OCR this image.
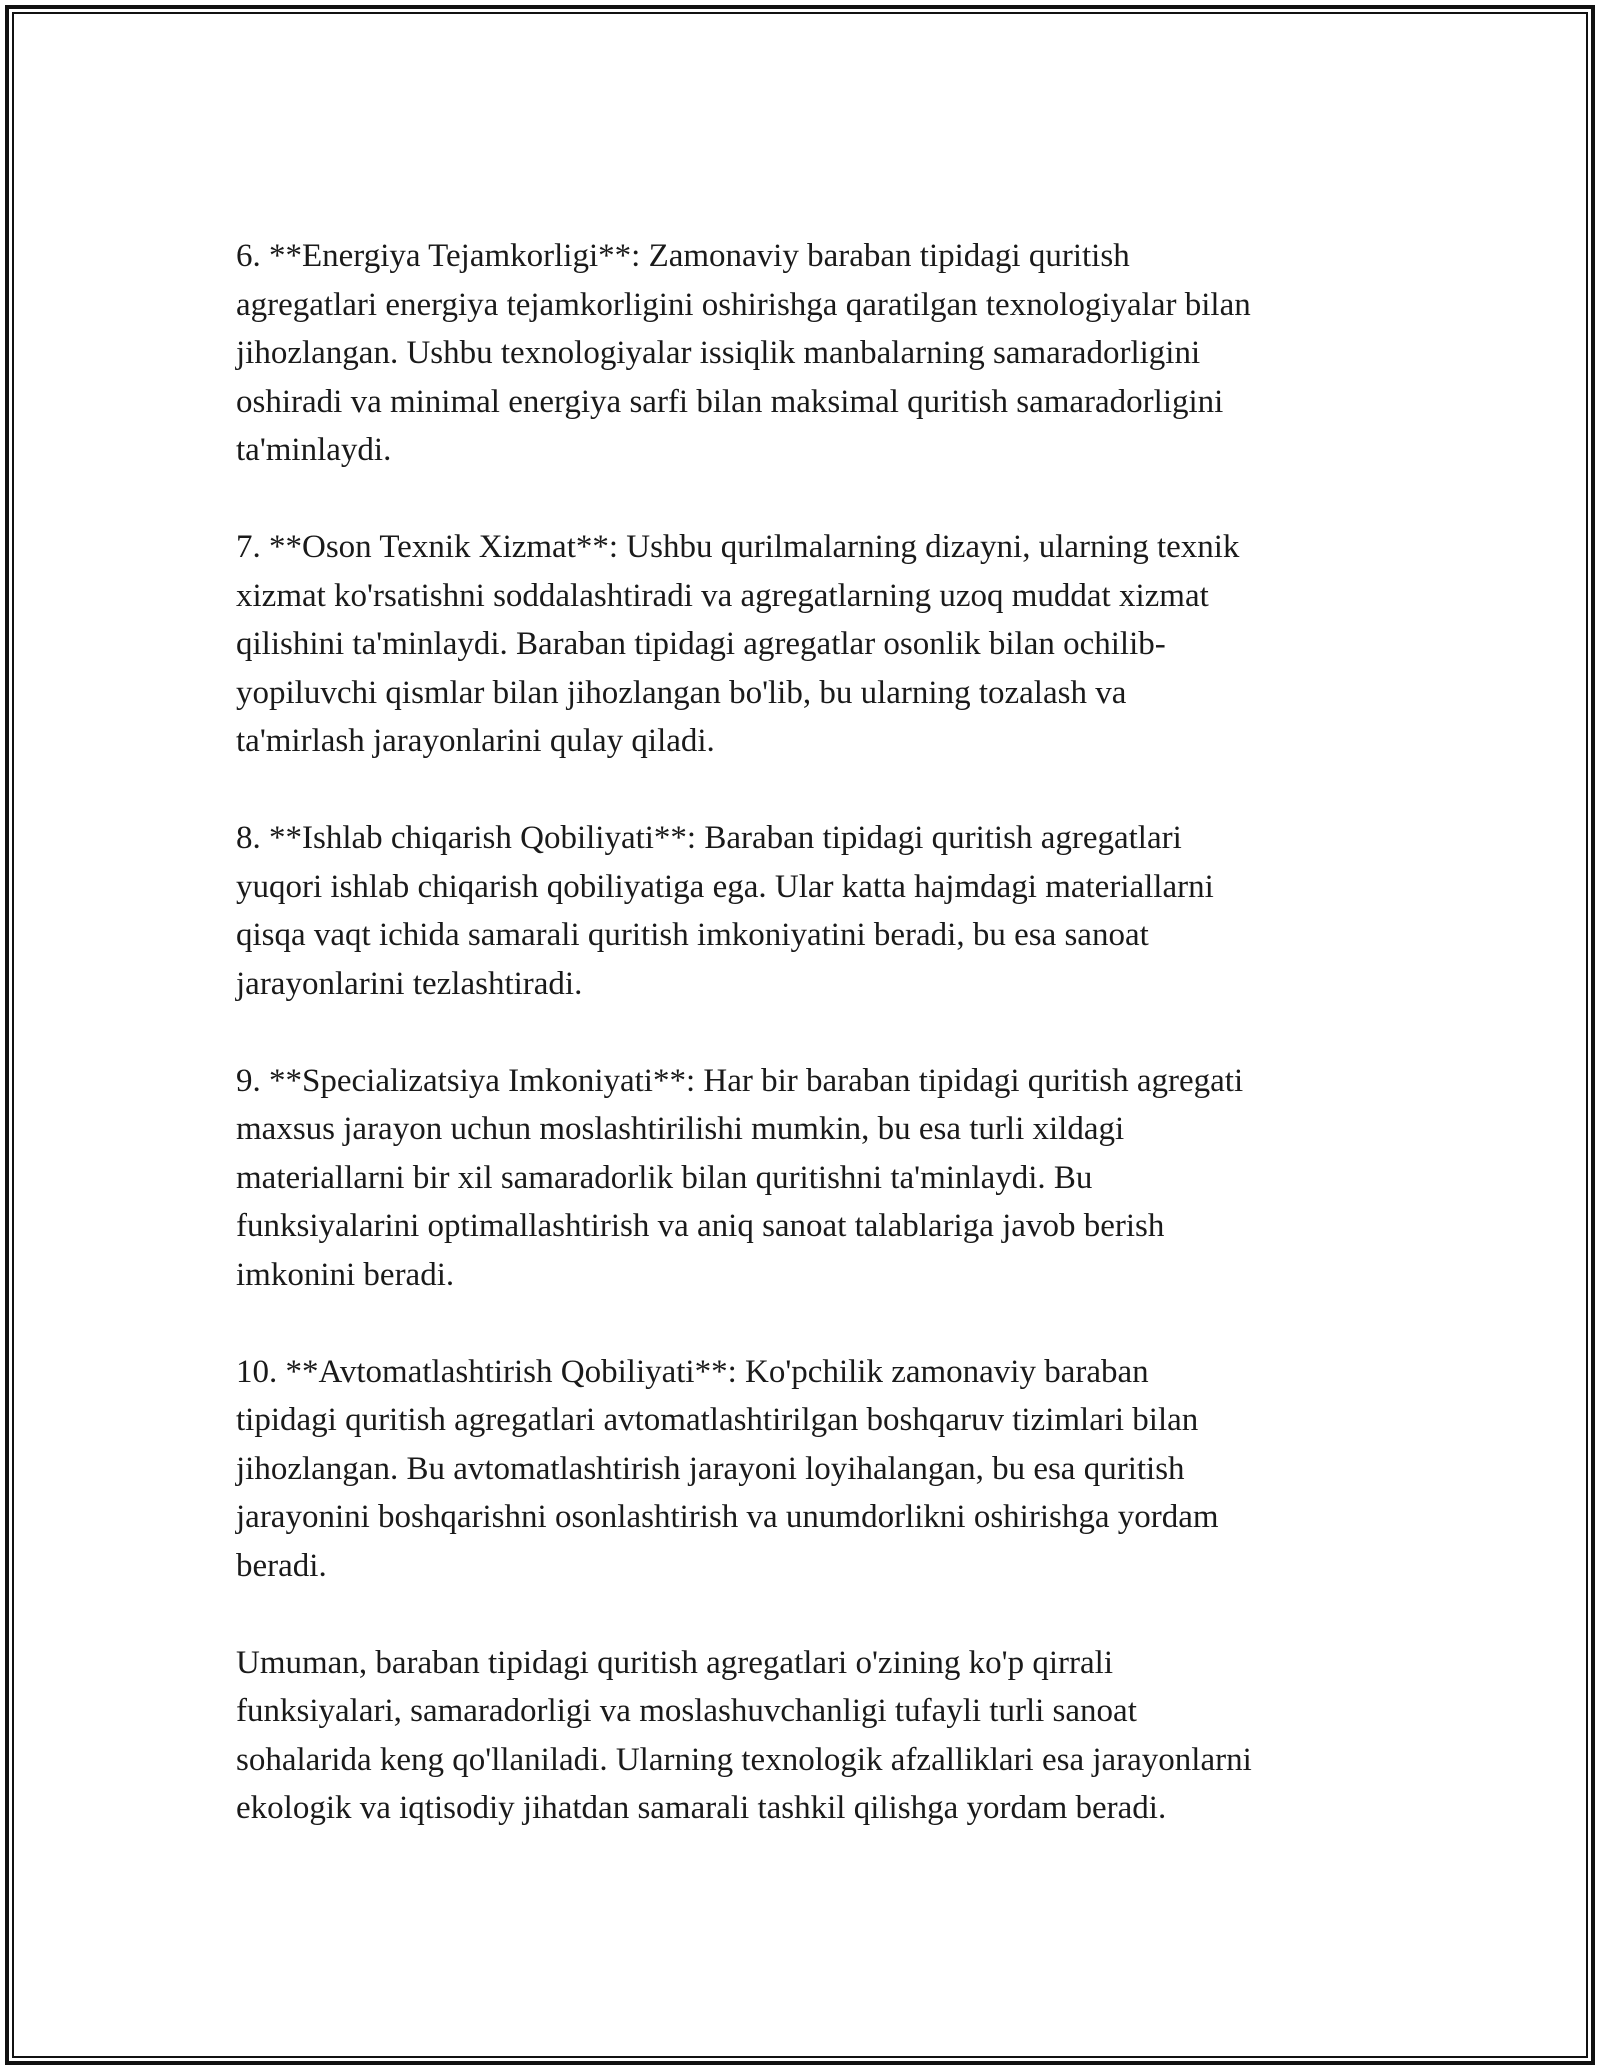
6. **Energiya Tejamkorligi**: Zamonaviy baraban tipidagi quritish
agregatlari energiya tejamkorligini oshirishga qaratilgan texnologiyalar bilan
jihozlangan. Ushbu texnologiyalar issiqlik manbalarning samaradorligini
oshiradi va minimal energiya sarfi bilan maksimal quritish samaradorligini
ta'minlaydi.

7. **Oson Texnik Xizmat**: Ushbu qurilmalarning dizayni, ularning texnik
xizmat ko'rsatishni soddalashtiradi va agregatlarning uzoq muddat xizmat
qilishini ta'minlaydi. Baraban tipidagi agregatlar osonlik bilan ochilib-
yopiluvchi qismlar bilan jihozlangan bo'lib, bu ularning tozalash va
ta'mirlash jarayonlarini qulay qiladi.

8. **Ishlab chiqarish Qobiliyati**: Baraban tipidagi quritish agregatlari
yuqori ishlab chiqarish qobiliyatiga ega. Ular katta hajmdagi materiallarni
qisqa vaqt ichida samarali quritish imkoniyatini beradi, bu esa sanoat
jarayonlarini tezlashtiradi.

9. **Specializatsiya Imkoniyati**: Har bir baraban tipidagi quritish agregati
maxsus jarayon uchun moslashtirilishi mumkin, bu esa turli xildagi
materiallarni bir xil samaradorlik bilan quritishni ta'minlaydi. Bu
funksiyalarini optimallashtirish va aniq sanoat talablariga javob berish
imkonini beradi.

10. **Avtomatlashtirish Qobiliyati**: Ko'pchilik zamonaviy baraban
tipidagi quritish agregatlari avtomatlashtirilgan boshqaruv tizimlari bilan
jihozlangan. Bu avtomatlashtirish jarayoni loyihalangan, bu esa quritish
jarayonini boshqarishni osonlashtirish va unumdorlikni oshirishga yordam
beradi.

Umuman, baraban tipidagi quritish agregatlari o'zining ko'p qirrali
funksiyalari, samaradorligi va moslashuvchanligi tufayli turli sanoat
sohalarida keng qo'llaniladi. Ularning texnologik afzalliklari esa jarayonlarni
ekologik va iqtisodiy jihatdan samarali tashkil qilishga yordam beradi.
